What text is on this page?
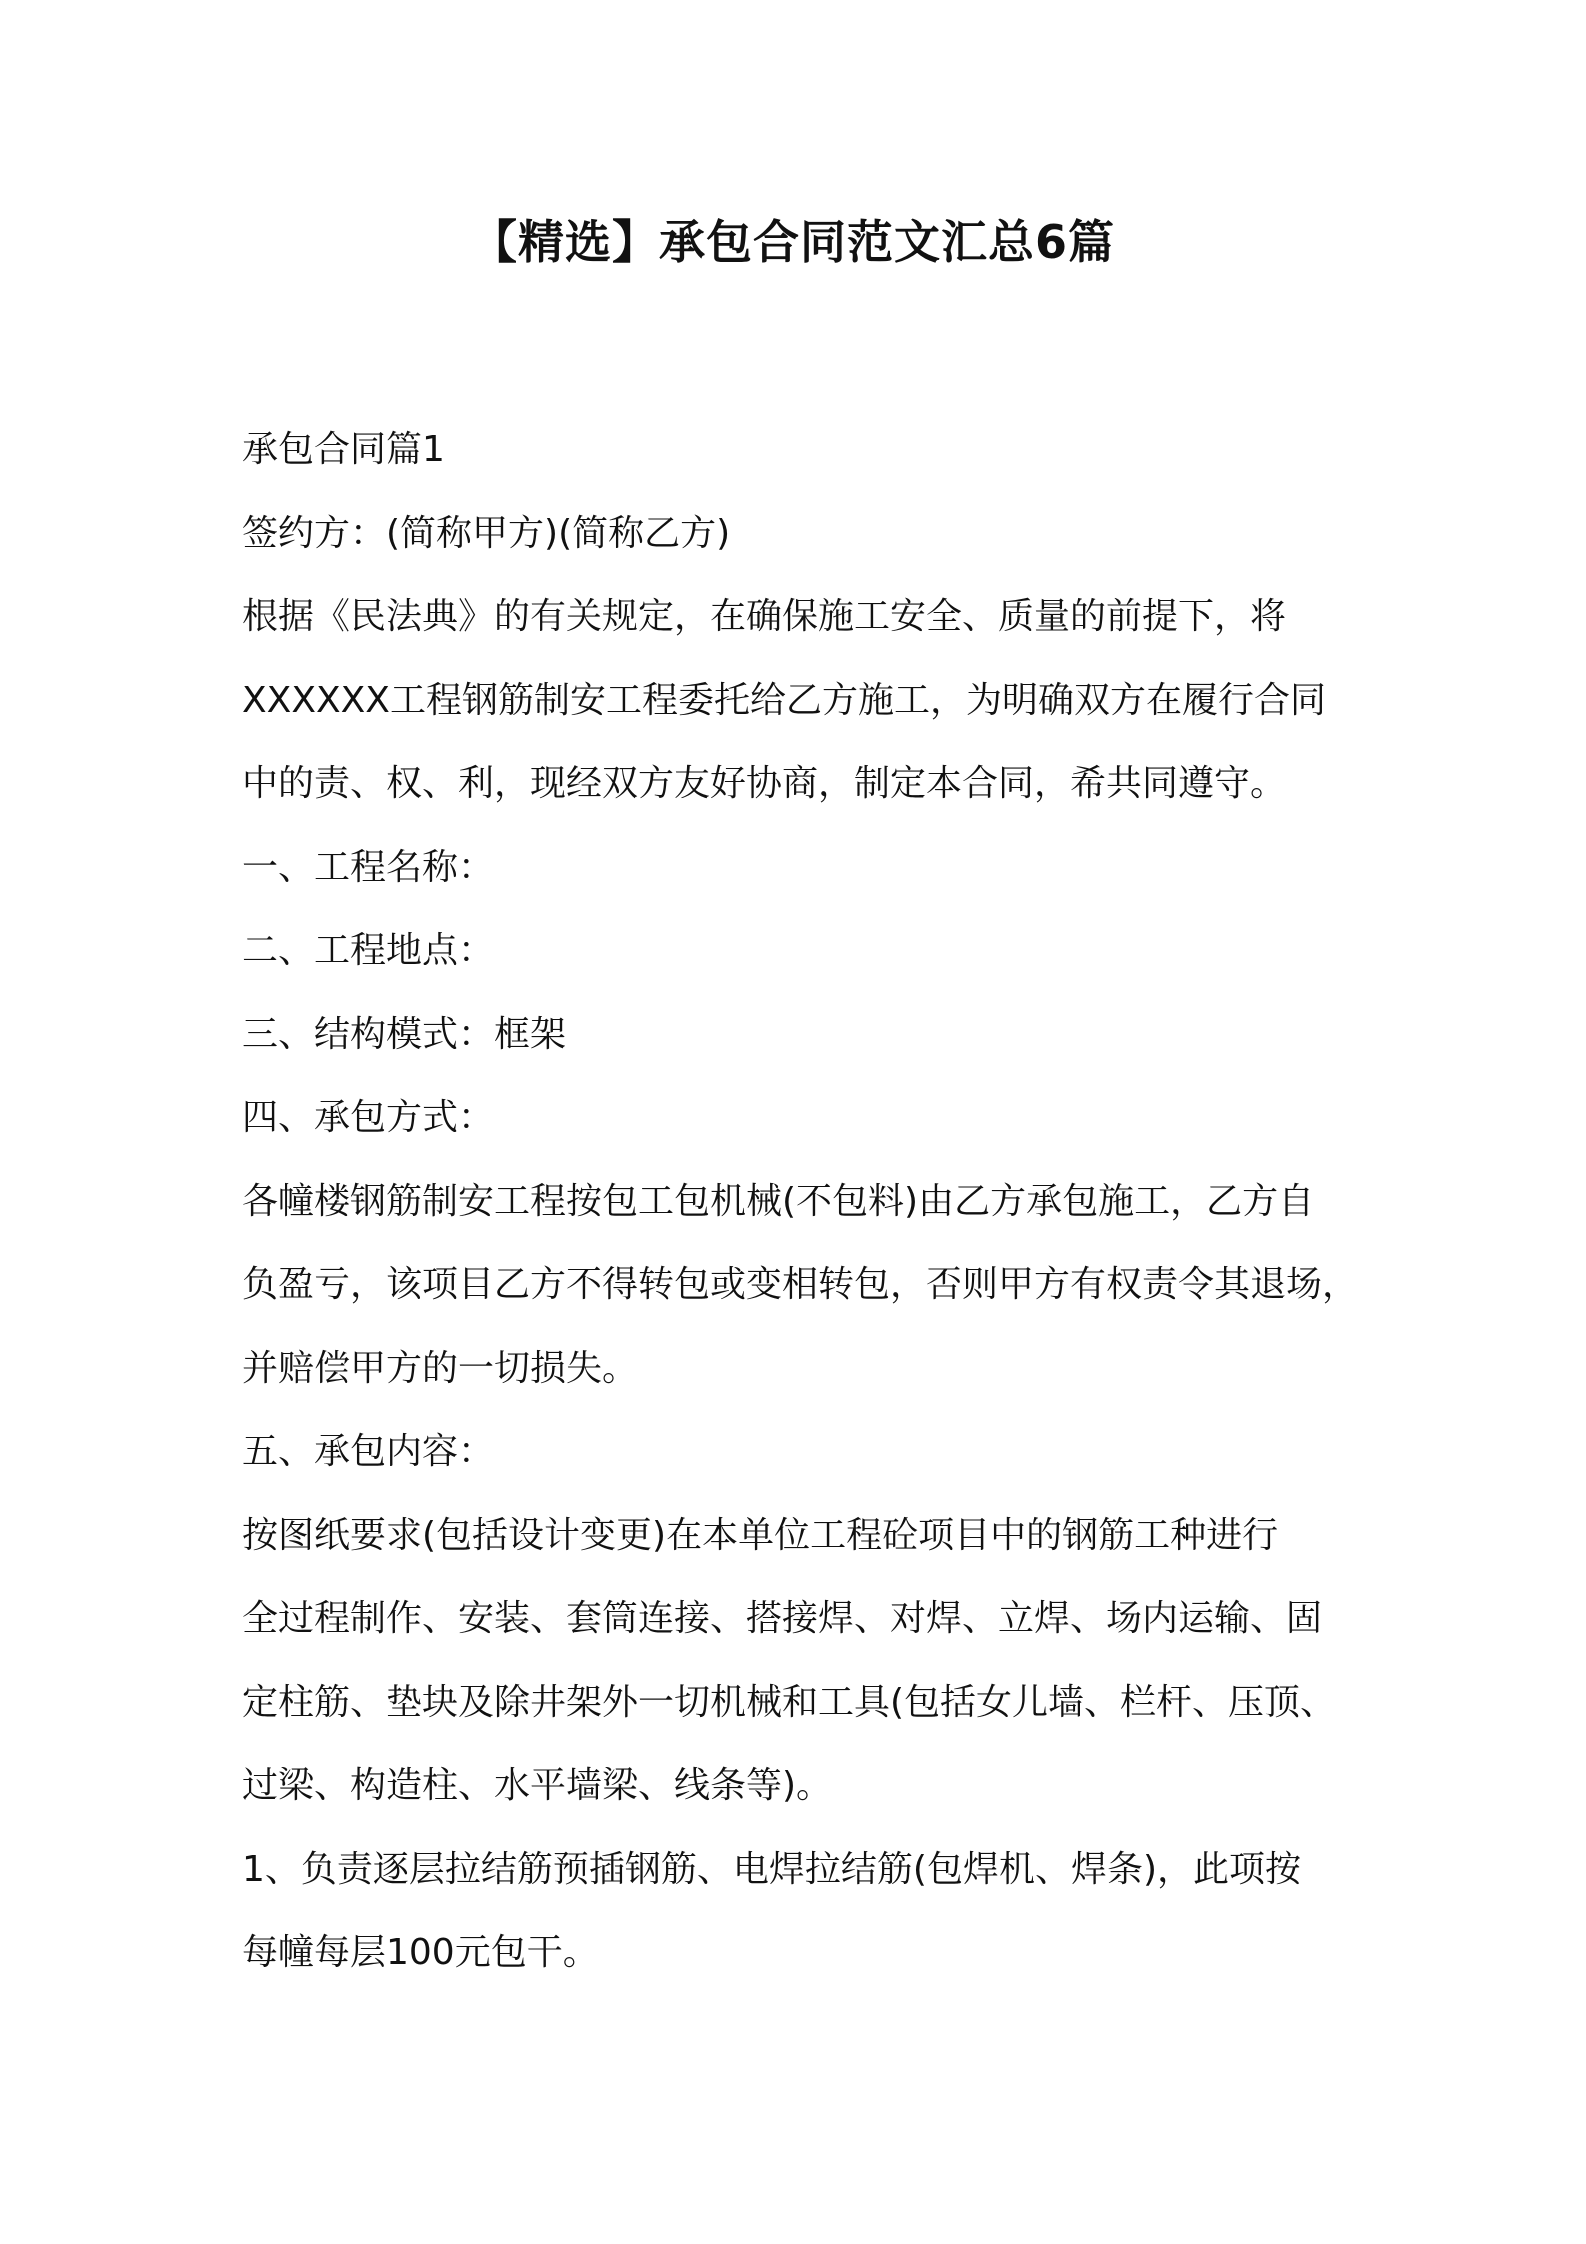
【精选】承包合同范文汇总6篇
承包合同篇1
签约方：(简称甲方)(简称乙方)
根据《民法典》的有关规定，在确保施工安全、质量的前提下，将
XXXXXX工程钢筋制安工程委托给乙方施工，为明确双方在履行合同
中的责、权、利，现经双方友好协商，制定本合同，希共同遵守。
一、工程名称：
二、工程地点：
三、结构模式：框架
四、承包方式：
各幢楼钢筋制安工程按包工包机械(不包料)由乙方承包施工，乙方自
负盈亏，该项目乙方不得转包或变相转包，否则甲方有权责令其退场，
并赔偿甲方的一切损失。
五、承包内容：
按图纸要求(包括设计变更)在本单位工程砼项目中的钢筋工种进行
全过程制作、安装、套筒连接、搭接焊、对焊、立焊、场内运输、固
定柱筋、垫块及除井架外一切机械和工具(包括女儿墙、栏杆、压顶、
过梁、构造柱、水平墙梁、线条等)。
1、负责逐层拉结筋预插钢筋、电焊拉结筋(包焊机、焊条)，此项按
每幢每层100元包干。
